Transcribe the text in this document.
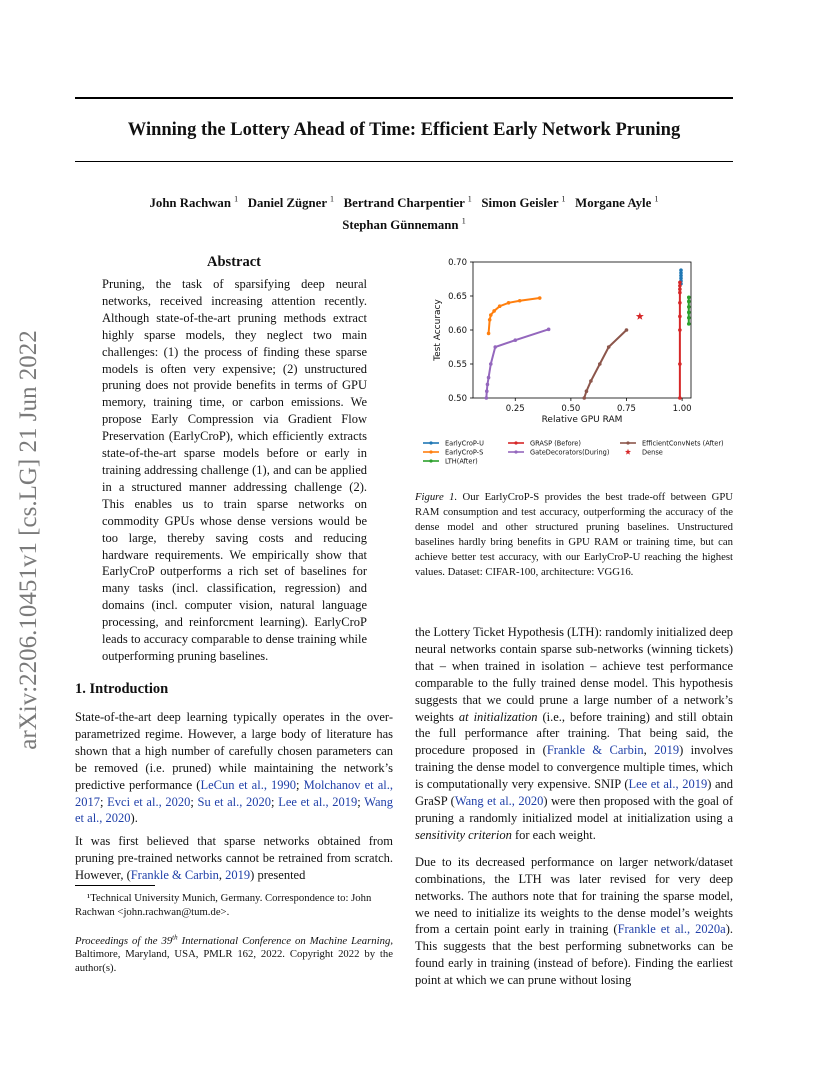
Winning the Lottery Ahead of Time: Efficient Early Network Pruning
John Rachwan $^1$ Daniel Zügner $^1$ Bertrand Charpentier $^1$ Simon Geisler $^1$ Morgane Ayle $^1$
Stephan Günnemann $^1$
arXiv:2206.10451v1 [cs.LG] 21 Jun 2022
Abstract
Pruning, the task of sparsifying deep neural networks, received increasing attention recently. Although state-of-the-art pruning methods extract highly sparse models, they neglect two main challenges: (1) the process of finding these sparse models is often very expensive; (2) unstructured pruning does not provide benefits in terms of GPU memory, training time, or carbon emissions. We propose Early Compression via Gradient Flow Preservation (EarlyCroP), which efficiently extracts state-of-the-art sparse models before or early in training addressing challenge (1), and can be applied in a structured manner addressing challenge (2). This enables us to train sparse networks on commodity GPUs whose dense versions would be too large, thereby saving costs and reducing hardware requirements. We empirically show that EarlyCroP outperforms a rich set of baselines for many tasks (incl. classification, regression) and domains (incl. computer vision, natural language processing, and reinforcment learning). EarlyCroP leads to accuracy comparable to dense training while outperforming pruning baselines.
1. Introduction

State-of-the-art deep learning typically operates in the over-parametrized regime. However, a large body of literature has shown that a high number of carefully chosen parameters can be removed (i.e. pruned) while maintaining the network’s predictive performance (LeCun et al., 1990; Molchanov et al., 2017; Evci et al., 2020; Su et al., 2020; Lee et al., 2019; Wang et al., 2020).

It was first believed that sparse networks obtained from pruning pre-trained networks cannot be retrained from scratch. However, (Frankle & Carbin, 2019) presented

¹Technical University Munich, Germany. Correspondence to: John Rachwan <john.rachwan@tum.de>.
Proceedings of the 39th International Conference on Machine Learning, Baltimore, Maryland, USA, PMLR 162, 2022. Copyright 2022 by the author(s).
0.25	0.50	0.75	1.00
0.50
0.55
0.60
0.65
0.70
Relative GPU RAM
Test Accuracy
EarlyCroP-U	GRASP (Before)	EfficientConvNets (After)
EarlyCroP-S	GateDecorators(During)	Dense
LTH(After)
Figure 1. Our EarlyCroP-S provides the best trade-off between GPU RAM consumption and test accuracy, outperforming the accuracy of the dense model and other structured pruning baselines. Unstructured baselines hardly bring benefits in GPU RAM or training time, but can achieve better test accuracy, with our EarlyCroP-U reaching the highest values. Dataset: CIFAR-100, architecture: VGG16.

the Lottery Ticket Hypothesis (LTH): randomly initialized deep neural networks contain sparse sub-networks (winning tickets) that – when trained in isolation – achieve test performance comparable to the fully trained dense model. This hypothesis suggests that we could prune a large number of a network’s weights at initialization (i.e., before training) and still obtain the full performance after training. That being said, the procedure proposed in (Frankle & Carbin, 2019) involves training the dense model to convergence multiple times, which is computationally very expensive. SNIP (Lee et al., 2019) and GraSP (Wang et al., 2020) were then proposed with the goal of pruning a randomly initialized model at initialization using a sensitivity criterion for each weight.

Due to its decreased performance on larger network/dataset combinations, the LTH was later revised for very deep networks. The authors note that for training the sparse model, we need to initialize its weights to the dense model’s weights from a certain point early in training (Frankle et al., 2020a). This suggests that the best performing subnetworks can be found early in training (instead of before). Finding the earliest point at which we can prune without losing
